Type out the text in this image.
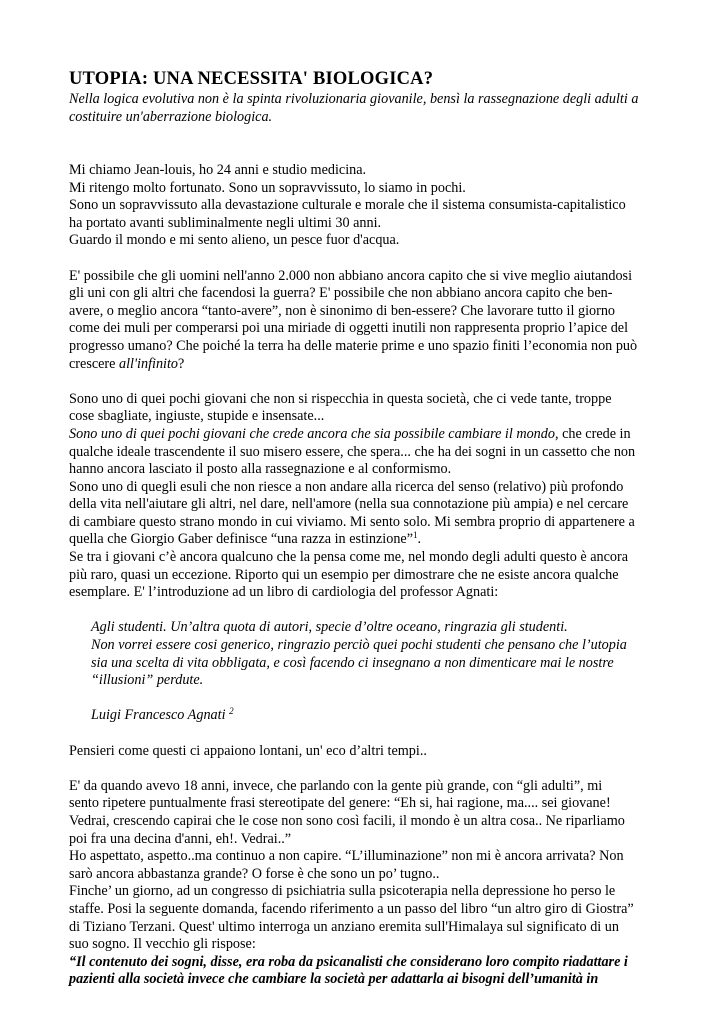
UTOPIA: UNA NECESSITA' BIOLOGICA?

Nella logica evolutiva non è la spinta rivoluzionaria giovanile, bensì la rassegnazione degli adulti a
costituire un'aberrazione biologica.

Mi chiamo Jean-louis, ho 24 anni e studio medicina.
Mi ritengo molto fortunato. Sono un sopravvissuto, lo siamo in pochi.
Sono un sopravvissuto alla devastazione culturale e morale che il sistema consumista-capitalistico
ha portato avanti subliminalmente negli ultimi 30 anni.
Guardo il mondo e mi sento alieno, un pesce fuor d'acqua.
E' possibile che gli uomini nell'anno 2.000 non abbiano ancora capito che si vive meglio aiutandosi
gli uni con gli altri che facendosi la guerra? E' possibile che non abbiano ancora capito che ben-
avere, o meglio ancora “tanto-avere”, non è sinonimo di ben-essere? Che lavorare tutto il giorno
come dei muli per comperarsi poi una miriade di oggetti inutili non rappresenta proprio l’apice del
progresso umano? Che poiché la terra ha delle materie prime e uno spazio finiti l’economia non può
crescere all'infinito?
Sono uno di quei pochi giovani che non si rispecchia in questa società, che ci vede tante, troppe
cose sbagliate, ingiuste, stupide e insensate...
Sono uno di quei pochi giovani che crede ancora che sia possibile cambiare il mondo, che crede in
qualche ideale trascendente il suo misero essere, che spera... che ha dei sogni in un cassetto che non
hanno ancora lasciato il posto alla rassegnazione e al conformismo.
Sono uno di quegli esuli che non riesce a non andare alla ricerca del senso (relativo) più profondo
della vita nell'aiutare gli altri, nel dare, nell'amore (nella sua connotazione più ampia) e nel cercare
di cambiare questo strano mondo in cui viviamo. Mi sento solo. Mi sembra proprio di appartenere a
quella che Giorgio Gaber definisce “una razza in estinzione”$^1$.
Se tra i giovani c’è ancora qualcuno che la pensa come me, nel mondo degli adulti questo è ancora
più raro, quasi un eccezione. Riporto qui un esempio per dimostrare che ne esiste ancora qualche
esemplare. E' l’introduzione ad un libro di cardiologia del professor Agnati:
Agli studenti. Un’altra quota di autori, specie d’oltre oceano, ringrazia gli studenti.
Non vorrei essere cosi generico, ringrazio perciò quei pochi studenti che pensano che l’utopia
sia una scelta di vita obbligata, e così facendo ci insegnano a non dimenticare mai le nostre
“illusioni” perdute.
Luigi Francesco Agnati $^2$
Pensieri come questi ci appaiono lontani, un' eco d’altri tempi..
E' da quando avevo 18 anni, invece, che parlando con la gente più grande, con “gli adulti”, mi
sento ripetere puntualmente frasi stereotipate del genere: “Eh si, hai ragione, ma.... sei giovane!
Vedrai, crescendo capirai che le cose non sono così facili, il mondo è un altra cosa.. Ne riparliamo
poi fra una decina d'anni, eh!. Vedrai..”
Ho aspettato, aspetto..ma continuo a non capire. “L’illuminazione” non mi è ancora arrivata? Non
sarò ancora abbastanza grande? O forse è che sono un po’ tugno..
Finche’ un giorno, ad un congresso di psichiatria sulla psicoterapia nella depressione ho perso le
staffe. Posi la seguente domanda, facendo riferimento a un passo del libro “un altro giro di Giostra”
di Tiziano Terzani. Quest' ultimo interroga un anziano eremita sull'Himalaya sul significato di un
suo sogno. Il vecchio gli rispose:
“Il contenuto dei sogni, disse, era roba da psicanalisti che considerano loro compito riadattare i
pazienti alla società invece che cambiare la società per adattarla ai bisogni dell’umanità in
